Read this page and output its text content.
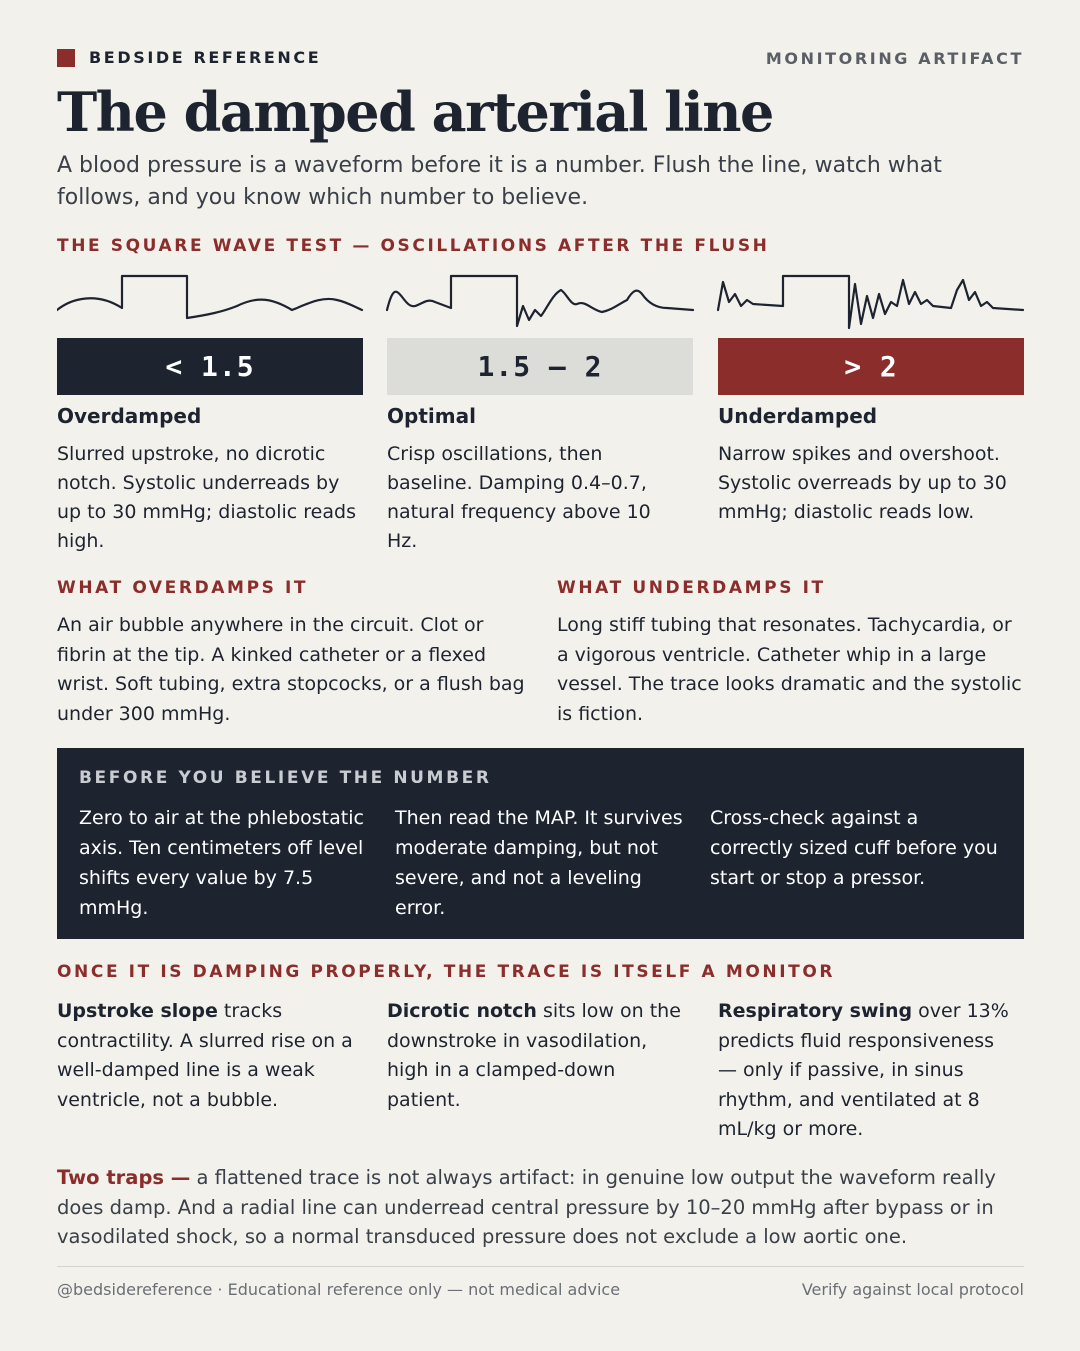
BEDSIDE REFERENCE	MONITORING ARTIFACT
The damped arterial line
A blood pressure is a waveform before it is a number. Flush the line, watch what follows, and you know which number to believe.
THE SQUARE WAVE TEST — OSCILLATIONS AFTER THE FLUSH
< 1.5	1.5 – 2	> 2
Overdamped	Optimal	Underdamped
Slurred upstroke, no dicrotic notch. Systolic underreads by up to 30 mmHg; diastolic reads high.
Crisp oscillations, then baseline. Damping 0.4–0.7, natural frequency above 10 Hz.
Narrow spikes and overshoot. Systolic overreads by up to 30 mmHg; diastolic reads low.
WHAT OVERDAMPS IT	WHAT UNDERDAMPS IT
An air bubble anywhere in the circuit. Clot or fibrin at the tip. A kinked catheter or a flexed wrist. Soft tubing, extra stopcocks, or a flush bag under 300 mmHg.
Long stiff tubing that resonates. Tachycardia, or a vigorous ventricle. Catheter whip in a large vessel. The trace looks dramatic and the systolic is fiction.
BEFORE YOU BELIEVE THE NUMBER
Zero to air at the phlebostatic axis. Ten centimeters off level shifts every value by 7.5 mmHg.
Then read the MAP. It survives moderate damping, but not severe, and not a leveling error.
Cross-check against a correctly sized cuff before you start or stop a pressor.
ONCE IT IS DAMPING PROPERLY, THE TRACE IS ITSELF A MONITOR
Upstroke slope tracks contractility. A slurred rise on a well-damped line is a weak ventricle, not a bubble.
Dicrotic notch sits low on the downstroke in vasodilation, high in a clamped-down patient.
Respiratory swing over 13% predicts fluid responsiveness — only if passive, in sinus rhythm, and ventilated at 8 mL/kg or more.
Two traps — a flattened trace is not always artifact: in genuine low output the waveform really does damp. And a radial line can underread central pressure by 10–20 mmHg after bypass or in vasodilated shock, so a normal transduced pressure does not exclude a low aortic one.
@bedsidereference · Educational reference only — not medical advice	Verify against local protocol
